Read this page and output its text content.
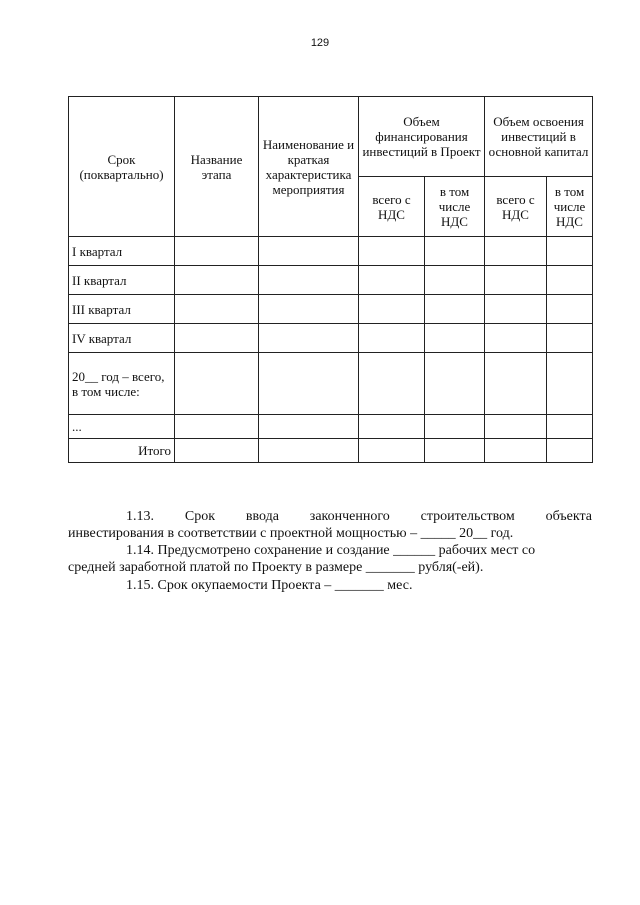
129
Срок (поквартально)	Название этапа	Наименование и краткая характеристика мероприятия	Объем финансирования инвестиций в Проект		Объем освоения инвестиций в основной капитал	
			всего с НДС	в том числе НДС	всего с НДС	в том числе НДС
I квартал						
II квартал						
III квартал						
IV квартал						
20__ год – всего, в том числе:						
...						
Итого						
1.13. Срок ввода законченного строительством объекта
инвестирования в соответствии с проектной мощностью – _____ 20__ год.
1.14. Предусмотрено сохранение и создание ______ рабочих мест со
средней заработной платой по Проекту в размере _______ рубля(-ей).
1.15. Срок окупаемости Проекта – _______ мес.
